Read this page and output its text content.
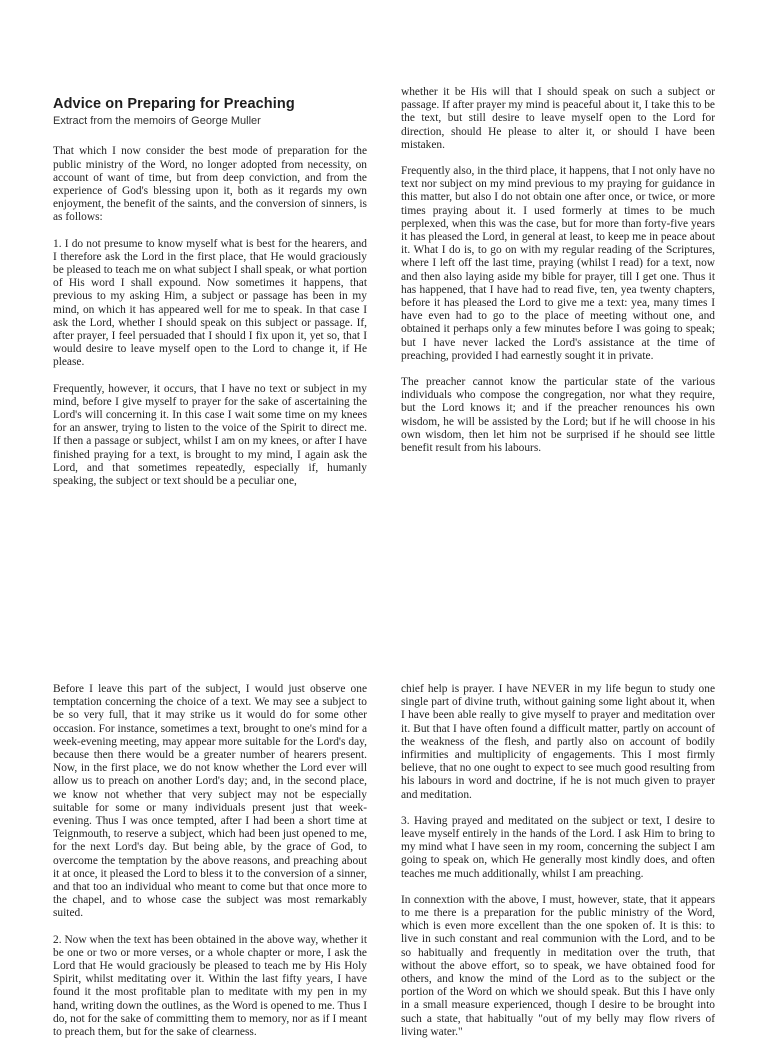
Advice on Preparing for Preaching
Extract from the memoirs of George Muller

That which I now consider the best mode of preparation for the public ministry of the Word, no longer adopted from necessity, on account of want of time, but from deep conviction, and from the experience of God's blessing upon it, both as it regards my own enjoyment, the benefit of the saints, and the conversion of sinners, is as follows:

1. I do not presume to know myself what is best for the hearers, and I therefore ask the Lord in the first place, that He would graciously be pleased to teach me on what subject I shall speak, or what portion of His word I shall expound. Now sometimes it happens, that previous to my asking Him, a subject or passage has been in my mind, on which it has appeared well for me to speak. In that case I ask the Lord, whether I should speak on this subject or passage. If, after prayer, I feel persuaded that I should I fix upon it, yet so, that I would desire to leave myself open to the Lord to change it, if He please.

Frequently, however, it occurs, that I have no text or subject in my mind, before I give myself to prayer for the sake of ascertaining the Lord's will concerning it. In this case I wait some time on my knees for an answer, trying to listen to the voice of the Spirit to direct me. If then a passage or subject, whilst I am on my knees, or after I have finished praying for a text, is brought to my mind, I again ask the Lord, and that sometimes repeatedly, especially if, humanly speaking, the subject or text should be a peculiar one,

whether it be His will that I should speak on such a subject or passage. If after prayer my mind is peaceful about it, I take this to be the text, but still desire to leave myself open to the Lord for direction, should He please to alter it, or should I have been mistaken.

Frequently also, in the third place, it happens, that I not only have no text nor subject on my mind previous to my praying for guidance in this matter, but also I do not obtain one after once, or twice, or more times praying about it. I used formerly at times to be much perplexed, when this was the case, but for more than forty-five years it has pleased the Lord, in general at least, to keep me in peace about it. What I do is, to go on with my regular reading of the Scriptures, where I left off the last time, praying (whilst I read) for a text, now and then also laying aside my bible for prayer, till I get one. Thus it has happened, that I have had to read five, ten, yea twenty chapters, before it has pleased the Lord to give me a text: yea, many times I have even had to go to the place of meeting without one, and obtained it perhaps only a few minutes before I was going to speak; but I have never lacked the Lord's assistance at the time of preaching, provided I had earnestly sought it in private.

The preacher cannot know the particular state of the various individuals who compose the congregation, nor what they require, but the Lord knows it; and if the preacher renounces his own wisdom, he will be assisted by the Lord; but if he will choose in his own wisdom, then let him not be surprised if he should see little benefit result from his labours.

Before I leave this part of the subject, I would just observe one temptation concerning the choice of a text. We may see a subject to be so very full, that it may strike us it would do for some other occasion. For instance, sometimes a text, brought to one's mind for a week-evening meeting, may appear more suitable for the Lord's day, because then there would be a greater number of hearers present. Now, in the first place, we do not know whether the Lord ever will allow us to preach on another Lord's day; and, in the second place, we know not whether that very subject may not be especially suitable for some or many individuals present just that week-evening. Thus I was once tempted, after I had been a short time at Teignmouth, to reserve a subject, which had been just opened to me, for the next Lord's day. But being able, by the grace of God, to overcome the temptation by the above reasons, and preaching about it at once, it pleased the Lord to bless it to the conversion of a sinner, and that too an individual who meant to come but that once more to the chapel, and to whose case the subject was most remarkably suited.

2. Now when the text has been obtained in the above way, whether it be one or two or more verses, or a whole chapter or more, I ask the Lord that He would graciously be pleased to teach me by His Holy Spirit, whilst meditating over it. Within the last fifty years, I have found it the most profitable plan to meditate with my pen in my hand, writing down the outlines, as the Word is opened to me. Thus I do, not for the sake of committing them to memory, nor as if I meant to preach them, but for the sake of clearness.

chief help is prayer. I have NEVER in my life begun to study one single part of divine truth, without gaining some light about it, when I have been able really to give myself to prayer and meditation over it. But that I have often found a difficult matter, partly on account of the weakness of the flesh, and partly also on account of bodily infirmities and multiplicity of engagements. This I most firmly believe, that no one ought to expect to see much good resulting from his labours in word and doctrine, if he is not much given to prayer and meditation.

3. Having prayed and meditated on the subject or text, I desire to leave myself entirely in the hands of the Lord. I ask Him to bring to my mind what I have seen in my room, concerning the subject I am going to speak on, which He generally most kindly does, and often teaches me much additionally, whilst I am preaching.

In connextion with the above, I must, however, state, that it appears to me there is a preparation for the public ministry of the Word, which is even more excellent than the one spoken of. It is this: to live in such constant and real communion with the Lord, and to be so habitually and frequently in meditation over the truth, that without the above effort, so to speak, we have obtained food for others, and know the mind of the Lord as to the subject or the portion of the Word on which we should speak. But this I have only in a small measure experienced, though I desire to be brought into such a state, that habitually "out of my belly may flow rivers of living water."
